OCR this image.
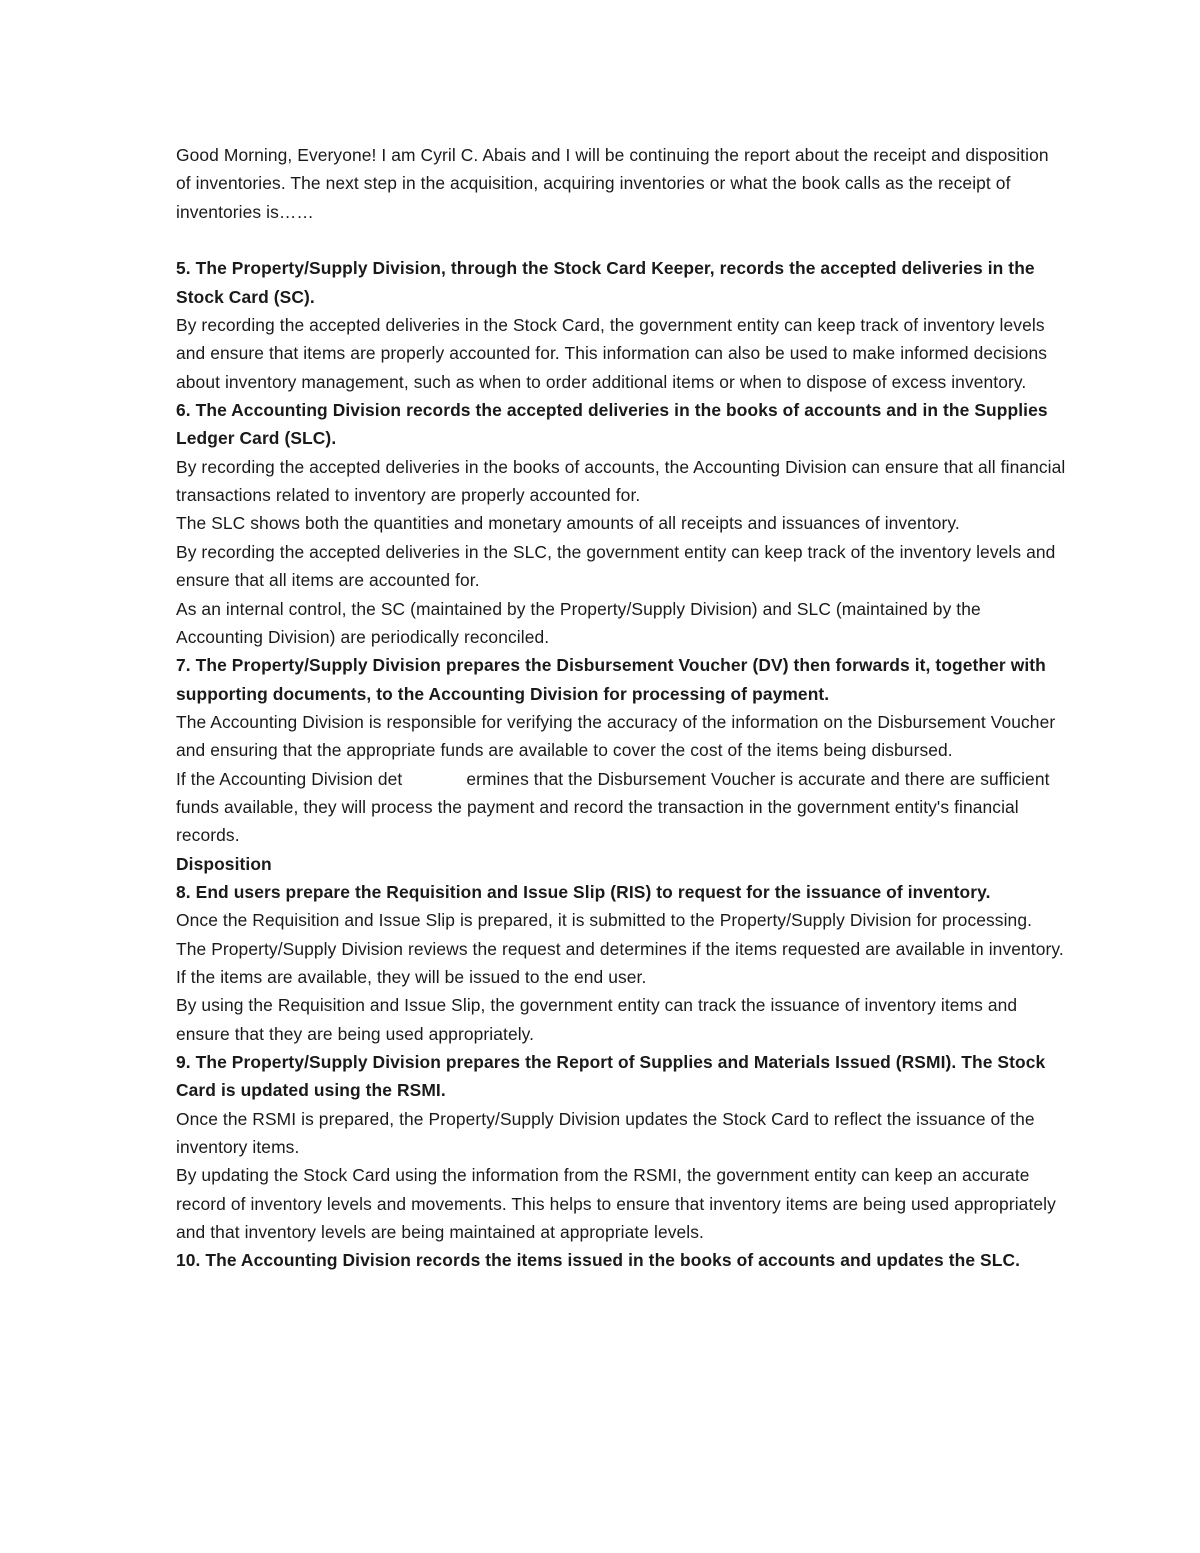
Good Morning, Everyone! I am Cyril C. Abais and I will be continuing the report about the receipt and disposition of inventories. The next step in the acquisition, acquiring inventories or what the book calls as the receipt of inventories is……

5. The Property/Supply Division, through the Stock Card Keeper, records the accepted deliveries in the Stock Card (SC).

By recording the accepted deliveries in the Stock Card, the government entity can keep track of inventory levels and ensure that items are properly accounted for. This information can also be used to make informed decisions about inventory management, such as when to order additional items or when to dispose of excess inventory.

6. The Accounting Division records the accepted deliveries in the books of accounts and in the Supplies Ledger Card (SLC).

By recording the accepted deliveries in the books of accounts, the Accounting Division can ensure that all financial transactions related to inventory are properly accounted for.

The SLC shows both the quantities and monetary amounts of all receipts and issuances of inventory.

By recording the accepted deliveries in the SLC, the government entity can keep track of the inventory levels and ensure that all items are accounted for.

As an internal control, the SC (maintained by the Property/Supply Division) and SLC (maintained by the Accounting Division) are periodically reconciled.

7. The Property/Supply Division prepares the Disbursement Voucher (DV) then forwards it, together with supporting documents, to the Accounting Division for processing of payment.

The Accounting Division is responsible for verifying the accuracy of the information on the Disbursement Voucher and ensuring that the appropriate funds are available to cover the cost of the items being disbursed.

If the Accounting Division det	ermines that the Disbursement Voucher is accurate and there are sufficient funds available, they will process the payment and record the transaction in the government entity's financial records.

Disposition

8. End users prepare the Requisition and Issue Slip (RIS) to request for the issuance of inventory.

Once the Requisition and Issue Slip is prepared, it is submitted to the Property/Supply Division for processing. The Property/Supply Division reviews the request and determines if the items requested are available in inventory. If the items are available, they will be issued to the end user.

By using the Requisition and Issue Slip, the government entity can track the issuance of inventory items and ensure that they are being used appropriately.

9. The Property/Supply Division prepares the Report of Supplies and Materials Issued (RSMI). The Stock Card is updated using the RSMI.

Once the RSMI is prepared, the Property/Supply Division updates the Stock Card to reflect the issuance of the inventory items.

By updating the Stock Card using the information from the RSMI, the government entity can keep an accurate record of inventory levels and movements. This helps to ensure that inventory items are being used appropriately and that inventory levels are being maintained at appropriate levels.

10. The Accounting Division records the items issued in the books of accounts and updates the SLC.
